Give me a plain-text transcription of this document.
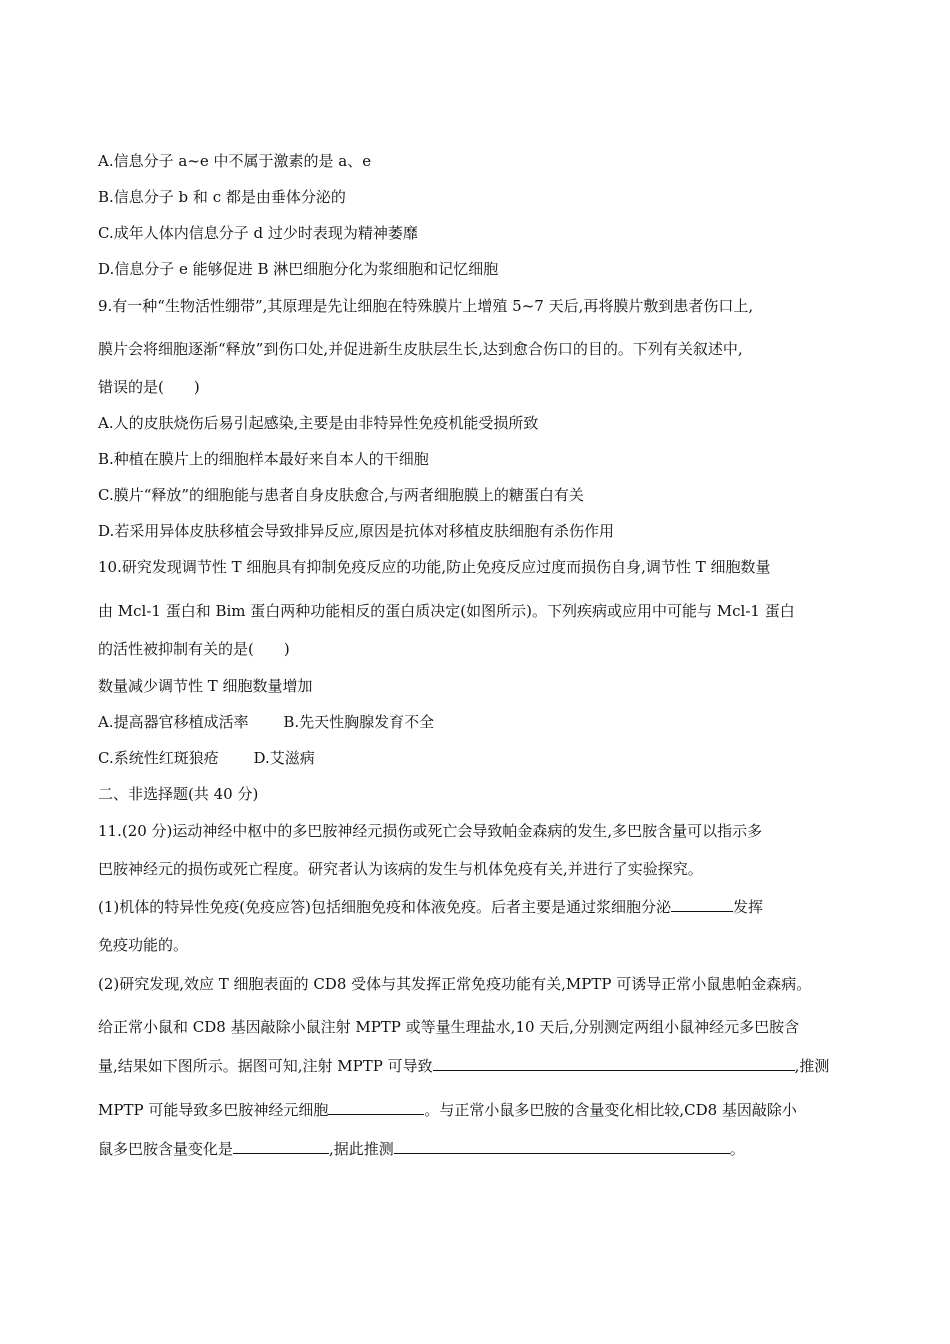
A.信息分子 a~e 中不属于激素的是 a、e
B.信息分子 b 和 c 都是由垂体分泌的
C.成年人体内信息分子 d 过少时表现为精神萎靡
D.信息分子 e 能够促进 B 淋巴细胞分化为浆细胞和记忆细胞
9.有一种“生物活性绷带”,其原理是先让细胞在特殊膜片上增殖 5~7 天后,再将膜片敷到患者伤口上,
膜片会将细胞逐渐“释放”到伤口处,并促进新生皮肤层生长,达到愈合伤口的目的。下列有关叙述中,
错误的是(　　)
A.人的皮肤烧伤后易引起感染,主要是由非特异性免疫机能受损所致
B.种植在膜片上的细胞样本最好来自本人的干细胞
C.膜片“释放”的细胞能与患者自身皮肤愈合,与两者细胞膜上的糖蛋白有关
D.若采用异体皮肤移植会导致排异反应,原因是抗体对移植皮肤细胞有杀伤作用
10.研究发现调节性 T 细胞具有抑制免疫反应的功能,防止免疫反应过度而损伤自身,调节性 T 细胞数量
由 Mcl-1 蛋白和 Bim 蛋白两种功能相反的蛋白质决定(如图所示)。下列疾病或应用中可能与 Mcl-1 蛋白
的活性被抑制有关的是(　　)
数量减少调节性 T 细胞数量增加
A.提高器官移植成活率　　 B.先天性胸腺发育不全
C.系统性红斑狼疮　　 D.艾滋病
二、非选择题(共 40 分)
11.(20 分)运动神经中枢中的多巴胺神经元损伤或死亡会导致帕金森病的发生,多巴胺含量可以指示多
巴胺神经元的损伤或死亡程度。研究者认为该病的发生与机体免疫有关,并进行了实验探究。
(1)机体的特异性免疫(免疫应答)包括细胞免疫和体液免疫。后者主要是通过浆细胞分泌	发挥
免疫功能的。
(2)研究发现,效应 T 细胞表面的 CD8 受体与其发挥正常免疫功能有关,MPTP 可诱导正常小鼠患帕金森病。
给正常小鼠和 CD8 基因敲除小鼠注射 MPTP 或等量生理盐水,10 天后,分别测定两组小鼠神经元多巴胺含
量,结果如下图所示。据图可知,注射 MPTP 可导致	,推测
MPTP 可能导致多巴胺神经元细胞	。与正常小鼠多巴胺的含量变化相比较,CD8 基因敲除小
鼠多巴胺含量变化是	,据此推测	。
